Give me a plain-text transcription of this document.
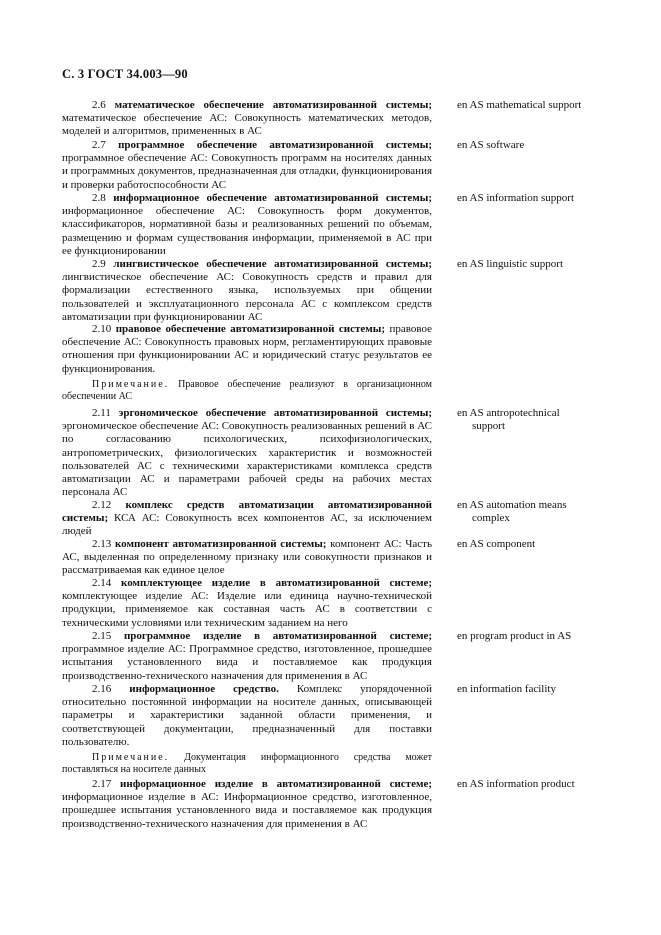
С. 3 ГОСТ 34.003—90
2.6 математическое обеспечение автоматизированной системы; математическое обеспечение АС: Совокупность математических методов, моделей и алгоритмов, примененных в АС
en AS mathematical support
2.7 программное обеспечение автоматизированной системы; программное обеспечение АС: Совокупность программ на носителях данных и программных документов, предназначенная для отладки, функционирования и проверки работоспособности АС
en AS software
2.8 информационное обеспечение автоматизированной системы; информационное обеспечение АС: Совокупность форм документов, классификаторов, нормативной базы и реализованных решений по объемам, размещению и формам существования информации, применяемой в АС при ее функционировании
en AS information support
2.9 лингвистическое обеспечение автоматизированной системы; лингвистическое обеспечение АС: Совокупность средств и правил для формализации естественного языка, используемых при общении пользователей и эксплуатационного персонала АС с комплексом средств автоматизации при функционировании АС
en AS linguistic support
2.10 правовое обеспечение автоматизированной системы; правовое обеспечение АС: Совокупность правовых норм, регламентирующих правовые отношения при функционировании АС и юридический статус результатов ее функционирования.
Примечание. Правовое обеспечение реализуют в организационном обеспечении АС
2.11 эргономическое обеспечение автоматизированной системы; эргономическое обеспечение АС: Совокупность реализованных решений в АС по согласованию психологических, психофизиологических, антропометрических, физиологических характеристик и возможностей пользователей АС с техническими характеристиками комплекса средств автоматизации АС и параметрами рабочей среды на рабочих местах персонала АС
en AS antropotechnical
support
2.12 комплекс средств автоматизации автоматизированной системы; КСА АС: Совокупность всех компонентов АС, за исключением людей
en AS automation means
complex
2.13 компонент автоматизированной системы; компонент АС: Часть АС, выделенная по определенному признаку или совокупности признаков и рассматриваемая как единое целое
en AS component
2.14 комплектующее изделие в автоматизированной системе; комплектующее изделие АС: Изделие или единица научно-технической продукции, применяемое как составная часть АС в соответствии с техническими условиями или техническим заданием на него
2.15 программное изделие в автоматизированной системе; программное изделие АС: Программное средство, изготовленное, прошедшее испытания установленного вида и поставляемое как продукция производственно-технического назначения для применения в АС
en program product in AS
2.16 информационное средство. Комплекс упорядоченной относительно постоянной информации на носителе данных, описывающей параметры и характеристики заданной области применения, и соответствующей документации, предназначенный для поставки пользователю.
en information facility
Примечание. Документация информационного средства может поставляться на носителе данных
2.17 информационное изделие в автоматизированной системе; информационное изделие в АС: Информационное средство, изготовленное, прошедшее испытания установленного вида и поставляемое как продукция производственно-технического назначения для применения в АС
en AS information product
